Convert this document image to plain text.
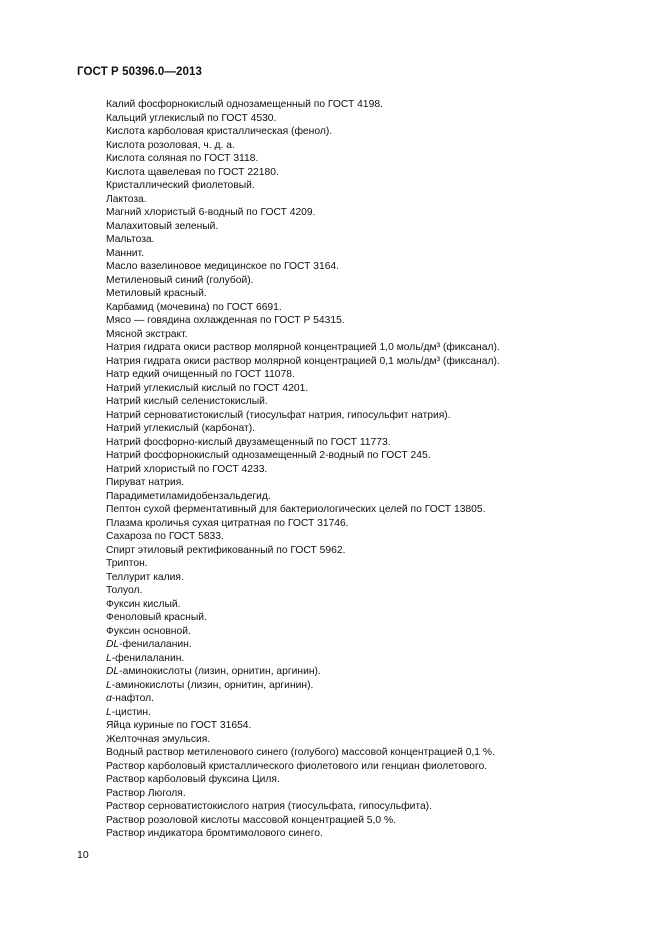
ГОСТ Р 50396.0—2013
Калий фосфорнокислый однозамещенный по ГОСТ 4198.
Кальций углекислый по ГОСТ 4530.
Кислота карболовая кристаллическая (фенол).
Кислота розоловая, ч. д. а.
Кислота соляная по ГОСТ 3118.
Кислота щавелевая по ГОСТ 22180.
Кристаллический фиолетовый.
Лактоза.
Магний хлористый 6-водный по ГОСТ 4209.
Малахитовый зеленый.
Мальтоза.
Маннит.
Масло вазелиновое медицинское по ГОСТ 3164.
Метиленовый синий (голубой).
Метиловый красный.
Карбамид (мочевина) по ГОСТ 6691.
Мясо — говядина охлажденная по ГОСТ Р 54315.
Мясной экстракт.
Натрия гидрата окиси раствор молярной концентрацией 1,0 моль/дм³ (фиксанал).
Натрия гидрата окиси раствор молярной концентрацией 0,1 моль/дм³ (фиксанал).
Натр едкий очищенный по ГОСТ 11078.
Натрий углекислый кислый по ГОСТ 4201.
Натрий кислый селенистокислый.
Натрий серноватистокислый (тиосульфат натрия, гипосульфит натрия).
Натрий углекислый (карбонат).
Натрий фосфорно-кислый двузамещенный по ГОСТ 11773.
Натрий фосфорнокислый однозамещенный 2-водный по ГОСТ 245.
Натрий хлористый по ГОСТ 4233.
Пируват натрия.
Парадиметиламидобензальдегид.
Пептон сухой ферментативный для бактериологических целей по ГОСТ 13805.
Плазма кроличья сухая цитратная по ГОСТ 31746.
Сахароза по ГОСТ 5833.
Спирт этиловый ректификованный по ГОСТ 5962.
Триптон.
Теллурит калия.
Толуол.
Фуксин кислый.
Феноловый красный.
Фуксин основной.
DL-фенилаланин.
L-фенилаланин.
DL-аминокислоты (лизин, орнитин, аргинин).
L-аминокислоты (лизин, орнитин, аргинин).
α-нафтол.
L-цистин.
Яйца куриные по ГОСТ 31654.
Желточная эмульсия.
Водный раствор метиленового синего (голубого) массовой концентрацией 0,1 %.
Раствор карболовый кристаллического фиолетового или генциан фиолетового.
Раствор карболовый фуксина Циля.
Раствор Люголя.
Раствор серноватистокислого натрия (тиосульфата, гипосульфита).
Раствор розоловой кислоты массовой концентрацией 5,0 %.
Раствор индикатора бромтимолового синего.
10
